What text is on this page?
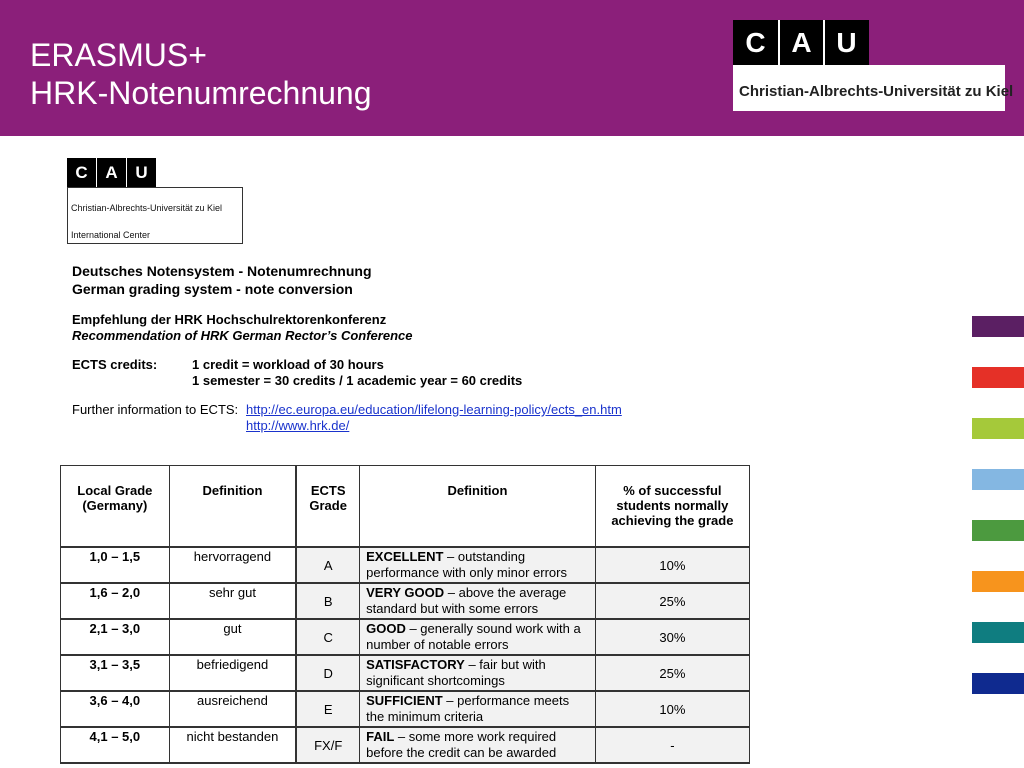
ERASMUS+
HRK-Notenumrechnung
C A U
Christian-Albrechts-Universität zu Kiel
C	A	U
Christian-Albrechts-Universität zu Kiel
International Center
Deutsches Notensystem - Notenumrechnung
German grading system - note conversion
Empfehlung der HRK Hochschulrektorenkonferenz
Recommendation of HRK German Rector’s Conference
ECTS credits:	1 credit = workload of 30 hours
1 semester = 30 credits / 1 academic year = 60 credits
Further information to ECTS: http://ec.europa.eu/education/lifelong-learning-policy/ects_en.htm
http://www.hrk.de/
Local Grade (Germany)	Definition	ECTS Grade	Definition	% of successful students normally achieving the grade
1,0 – 1,5	hervorragend	A	EXCELLENT – outstanding performance with only minor errors	10%
1,6 – 2,0	sehr gut	B	VERY GOOD – above the average standard but with some errors	25%
2,1 – 3,0	gut	C	GOOD – generally sound work with a number of notable errors	30%
3,1 – 3,5	befriedigend	D	SATISFACTORY – fair but with significant shortcomings	25%
3,6 – 4,0	ausreichend	E	SUFFICIENT – performance meets the minimum criteria	10%
4,1 – 5,0	nicht bestanden	FX/F	FAIL – some more work required before the credit can be awarded	-
